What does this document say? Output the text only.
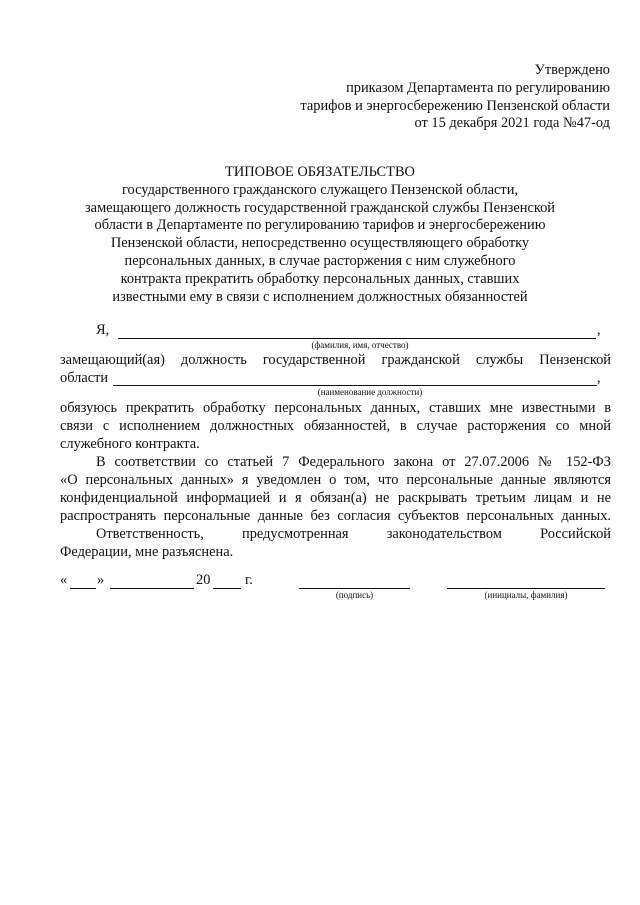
Утверждено
приказом Департамента по регулированию
тарифов и энергосбережению Пензенской области
от 15 декабря 2021 года №47-од
ТИПОВОЕ ОБЯЗАТЕЛЬСТВО
государственного гражданского служащего Пензенской области,
замещающего должность государственной гражданской службы Пензенской
области в Департаменте по регулированию тарифов и энергосбережению
Пензенской области, непосредственно осуществляющего обработку
персональных данных, в случае расторжения с ним служебного
контракта прекратить обработку персональных данных, ставших
известными ему в связи с исполнением должностных обязанностей
Я,	,
(фамилия, имя, отчество)
замещающий(ая) должность государственной гражданской службы Пензенской
области	,
(наименование должности)
обязуюсь прекратить обработку персональных данных, ставших мне известными в
связи с исполнением должностных обязанностей, в случае расторжения со мной
служебного контракта.
В соответствии со статьей 7 Федерального закона от 27.07.2006 № 152-ФЗ
«О персональных данных» я уведомлен о том, что персональные данные являются
конфиденциальной информацией и я обязан(а) не раскрывать третьим лицам и не
распространять персональные данные без согласия субъектов персональных данных.
Ответственность, предусмотренная законодательством Российской
Федерации, мне разъяснена.
« »	20 г.
(подпись)	(инициалы, фамилия)
